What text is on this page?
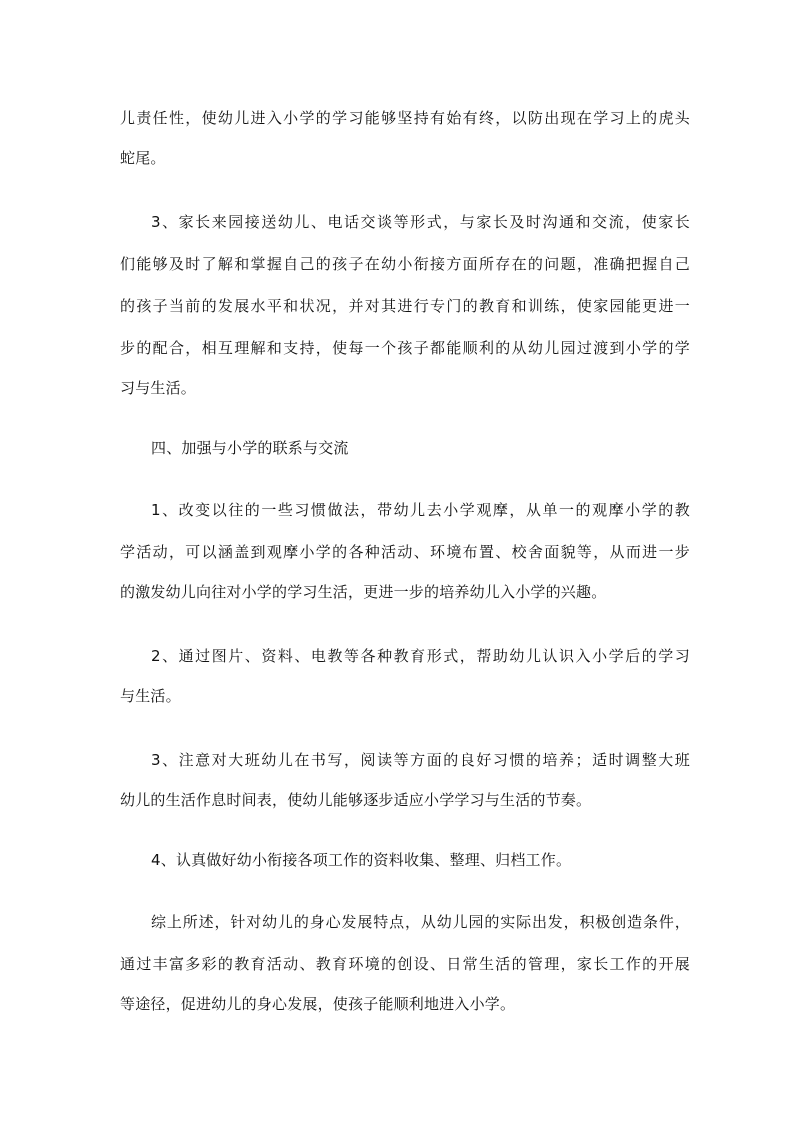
儿责任性，使幼儿进入小学的学习能够坚持有始有终，以防出现在学习上的虎头
蛇尾。
3、家长来园接送幼儿、电话交谈等形式，与家长及时沟通和交流，使家长
们能够及时了解和掌握自己的孩子在幼小衔接方面所存在的问题，准确把握自己
的孩子当前的发展水平和状况，并对其进行专门的教育和训练，使家园能更进一
步的配合，相互理解和支持，使每一个孩子都能顺利的从幼儿园过渡到小学的学
习与生活。
四、加强与小学的联系与交流
1、改变以往的一些习惯做法，带幼儿去小学观摩，从单一的观摩小学的教
学活动，可以涵盖到观摩小学的各种活动、环境布置、校舍面貌等，从而进一步
的激发幼儿向往对小学的学习生活，更进一步的培养幼儿入小学的兴趣。
2、通过图片、资料、电教等各种教育形式，帮助幼儿认识入小学后的学习
与生活。
3、注意对大班幼儿在书写，阅读等方面的良好习惯的培养；适时调整大班
幼儿的生活作息时间表，使幼儿能够逐步适应小学学习与生活的节奏。
4、认真做好幼小衔接各项工作的资料收集、整理、归档工作。
综上所述，针对幼儿的身心发展特点，从幼儿园的实际出发，积极创造条件，
通过丰富多彩的教育活动、教育环境的创设、日常生活的管理，家长工作的开展
等途径，促进幼儿的身心发展，使孩子能顺利地进入小学。
